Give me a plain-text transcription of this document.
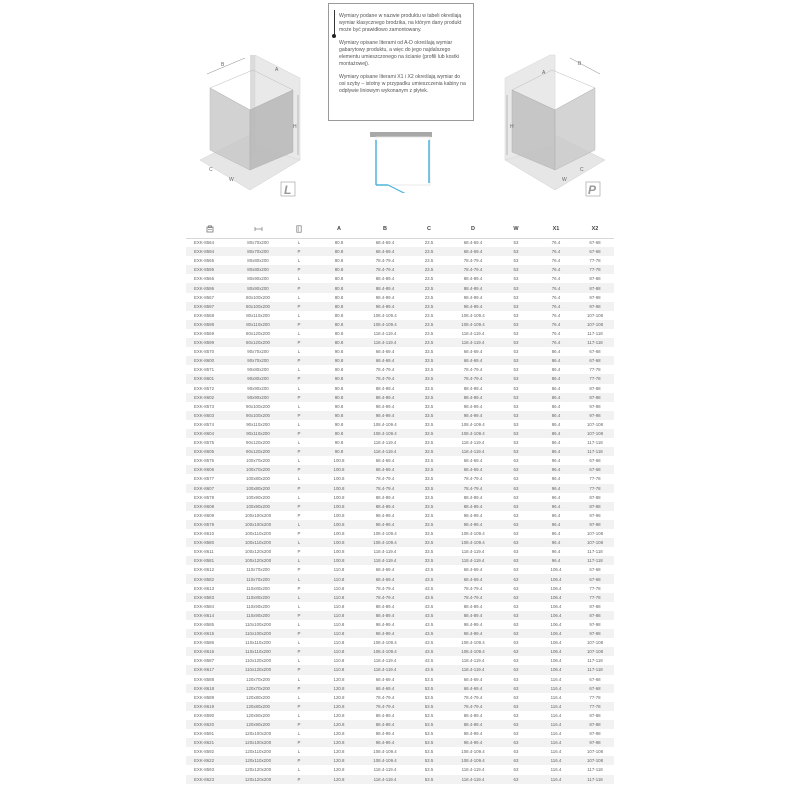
Wymiary podane w nazwie produktu w tabeli określają wymiar klasycznego brodzika, na którym dany produkt może być prawidłowo zamontowany.

Wymiary opisane literami od A-D określają wymiar gabarytowy produktu, a więc do jego najdalszego elementu umieszczonego na ścianie (profili lub kostki montażowej).

Wymiary opisane literami X1 i X2 określają wymiar do osi szyby – istotny w przypadku umieszczenia kabiny na odpływie liniowym wykonanym z płytek.

B
A
H
C
W
L
A
B
H
C
W
P
			A	B	C	D	W	X1	X2
EXK-8564	80x70x200	L	80.8	68.4-69.4	23.5	68.4-69.4	53	76.4	67-68
EXK-8594	80x70x200	P	80.8	68.4-69.4	23.5	68.4-69.4	53	76.4	67-68
EXK-8565	80x80x200	L	80.8	78.4-79.4	23.5	78.4-79.4	53	76.4	77-78
EXK-8595	80x80x200	P	80.8	78.4-79.4	23.5	78.4-79.4	53	76.4	77-78
EXK-8566	80x90x200	L	80.8	88.4-89.4	23.5	88.4-89.4	53	76.4	87-88
EXK-8596	80x90x200	P	80.8	88.4-89.4	23.5	88.4-89.4	53	76.4	87-88
EXK-8567	80x100x200	L	80.8	98.4-99.4	23.5	98.4-99.4	53	76.4	97-98
EXK-8597	80x100x200	P	80.8	98.4-99.4	23.5	98.4-99.4	53	76.4	97-98
EXK-8568	80x110x200	L	80.8	108.4-109.4	23.5	108.4-109.4	53	76.4	107-108
EXK-8598	80x110x200	P	80.8	108.4-109.4	23.5	108.4-109.4	53	76.4	107-108
EXK-8569	80x120x200	L	80.8	118.4-119.4	23.5	118.4-119.4	53	76.4	117-118
EXK-8599	80x120x200	P	80.8	118.4-119.4	23.5	118.4-119.4	53	76.4	117-118
EXK-8570	90x70x200	L	90.8	68.4-69.4	33.5	68.4-69.4	53	86.4	67-68
EXK-8600	90x70x200	P	90.8	68.4-69.4	33.5	68.4-69.4	53	86.4	67-68
EXK-8571	90x80x200	L	90.8	78.4-79.4	33.5	78.4-79.4	53	86.4	77-78
EXK-8601	90x80x200	P	90.8	78.4-79.4	33.5	78.4-79.4	53	86.4	77-78
EXK-8572	90x90x200	L	90.8	88.4-89.4	33.5	88.4-89.4	53	86.4	87-88
EXK-8602	90x90x200	P	90.8	88.4-89.4	33.5	88.4-89.4	53	86.4	87-88
EXK-8573	90x100x200	L	90.8	98.4-99.4	33.5	98.4-99.4	53	86.4	97-98
EXK-8603	90x100x200	P	90.8	98.4-99.4	33.5	98.4-99.4	53	86.4	97-98
EXK-8574	90x110x200	L	90.8	108.4-109.4	33.5	108.4-109.4	53	86.4	107-108
EXK-8604	90x110x200	P	90.8	108.4-109.4	33.5	108.4-109.4	53	86.4	107-108
EXK-8575	90x120x200	L	90.8	118.4-119.4	33.5	118.4-119.4	53	86.4	117-118
EXK-8605	90x120x200	P	90.8	118.4-119.4	33.5	118.4-119.4	53	86.4	117-118
EXK-8576	100x70x200	L	100.8	68.4-69.4	33.5	68.4-69.4	63	96.4	67-68
EXK-8606	100x70x200	P	100.8	68.4-69.4	33.5	68.4-69.4	63	96.4	67-68
EXK-8577	100x80x200	L	100.8	78.4-79.4	33.5	78.4-79.4	63	96.4	77-78
EXK-8607	100x80x200	P	100.8	78.4-79.4	33.5	78.4-79.4	63	96.4	77-78
EXK-8578	100x90x200	L	100.8	88.4-89.4	33.5	88.4-89.4	63	96.4	87-88
EXK-8608	100x90x200	P	100.8	88.4-89.4	33.5	88.4-89.4	63	96.4	87-88
EXK-8609	100x100x200	P	100.8	98.4-99.4	33.5	98.4-99.4	63	96.4	97-98
EXK-8579	100x100x200	L	100.8	98.4-99.4	33.5	98.4-99.4	63	96.4	97-98
EXK-8610	100x110x200	P	100.8	108.4-109.4	33.5	108.4-109.4	63	96.4	107-108
EXK-8580	100x110x200	L	100.8	108.4-109.4	33.5	108.4-109.4	63	96.4	107-108
EXK-8611	100x120x200	P	100.8	118.4-119.4	33.5	118.4-119.4	63	96.4	117-118
EXK-8581	100x120x200	L	100.8	118.4-119.4	33.5	118.4-119.4	63	96.4	117-118
EXK-8612	110x70x200	P	110.8	68.4-69.4	43.5	68.4-69.4	63	106.4	67-68
EXK-8582	110x70x200	L	110.8	68.4-69.4	43.5	68.4-69.4	63	106.4	67-68
EXK-8613	110x80x200	P	110.8	78.4-79.4	43.5	78.4-79.4	63	106.4	77-78
EXK-8583	110x80x200	L	110.8	78.4-79.4	43.5	78.4-79.4	63	106.4	77-78
EXK-8584	110x90x200	L	110.8	88.4-89.4	43.5	88.4-89.4	63	106.4	87-88
EXK-8614	110x90x200	P	110.8	88.4-89.4	43.5	88.4-89.4	63	106.4	87-88
EXK-8585	110x100x200	L	110.8	98.4-99.4	43.5	98.4-99.4	63	106.4	97-98
EXK-8615	110x100x200	P	110.8	98.4-99.4	43.5	98.4-99.4	63	106.4	97-98
EXK-8586	110x110x200	L	110.8	108.4-109.4	43.5	108.4-109.4	63	106.4	107-108
EXK-8616	110x110x200	P	110.8	108.4-109.4	43.5	108.4-109.4	63	106.4	107-108
EXK-8587	110x120x200	L	110.8	118.4-119.4	43.5	118.4-119.4	63	106.4	117-118
EXK-8617	110x120x200	P	110.8	118.4-119.4	43.5	118.4-119.4	63	106.4	117-118
EXK-8588	120x70x200	L	120.8	68.4-69.4	53.5	68.4-69.4	63	116.4	67-68
EXK-8618	120x70x200	P	120.8	68.4-69.4	53.5	68.4-69.4	63	116.4	67-68
EXK-8589	120x80x200	L	120.8	78.4-79.4	53.5	78.4-79.4	63	116.4	77-78
EXK-8619	120x80x200	P	120.8	78.4-79.4	53.5	78.4-79.4	63	116.4	77-78
EXK-8590	120x90x200	L	120.8	88.4-89.4	53.5	88.4-89.4	63	116.4	87-88
EXK-8620	120x90x200	P	120.8	88.4-89.4	53.5	88.4-89.4	63	116.4	87-88
EXK-8591	120x100x200	L	120.8	98.4-99.4	53.5	98.4-99.4	63	116.4	97-98
EXK-8621	120x100x200	P	120.8	98.4-99.4	53.5	98.4-99.4	63	116.4	97-98
EXK-8592	120x110x200	L	120.8	108.4-109.4	53.5	108.4-109.4	63	116.4	107-108
EXK-8622	120x110x200	P	120.8	108.4-109.4	53.5	108.4-109.4	63	116.4	107-108
EXK-8593	120x120x200	L	120.8	118.4-119.4	53.5	118.4-119.4	63	116.4	117-118
EXK-8623	120x120x200	P	120.8	118.4-119.4	53.5	118.4-119.4	63	116.4	117-118
